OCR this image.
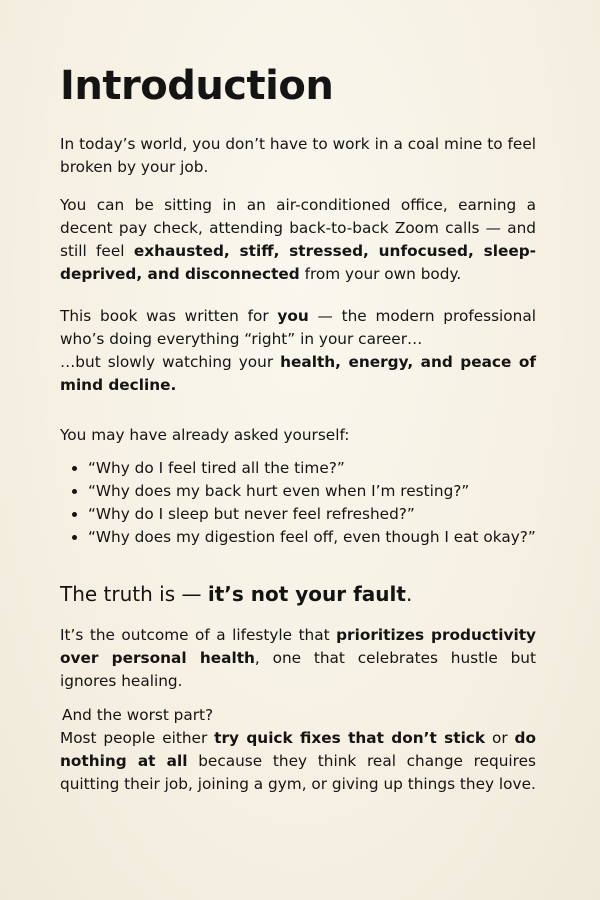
Introduction

In today’s world, you don’t have to work in a coal mine to feel broken by your job.

You can be sitting in an air-conditioned office, earning a decent pay check, attending back-to-back Zoom calls — and still feel exhausted, stiff, stressed, unfocused, sleep-deprived, and disconnected from your own body.

This book was written for you — the modern professional who’s doing everything “right” in your career…
…but slowly watching your health, energy, and peace of mind decline.

You may have already asked yourself:

• “Why do I feel tired all the time?”
• “Why does my back hurt even when I’m resting?”
• “Why do I sleep but never feel refreshed?”
• “Why does my digestion feel off, even though I eat okay?”

The truth is — it’s not your fault.

It’s the outcome of a lifestyle that prioritizes productivity over personal health, one that celebrates hustle but ignores healing.

And the worst part?
Most people either try quick fixes that don’t stick or do nothing at all because they think real change requires quitting their job, joining a gym, or giving up things they love.
